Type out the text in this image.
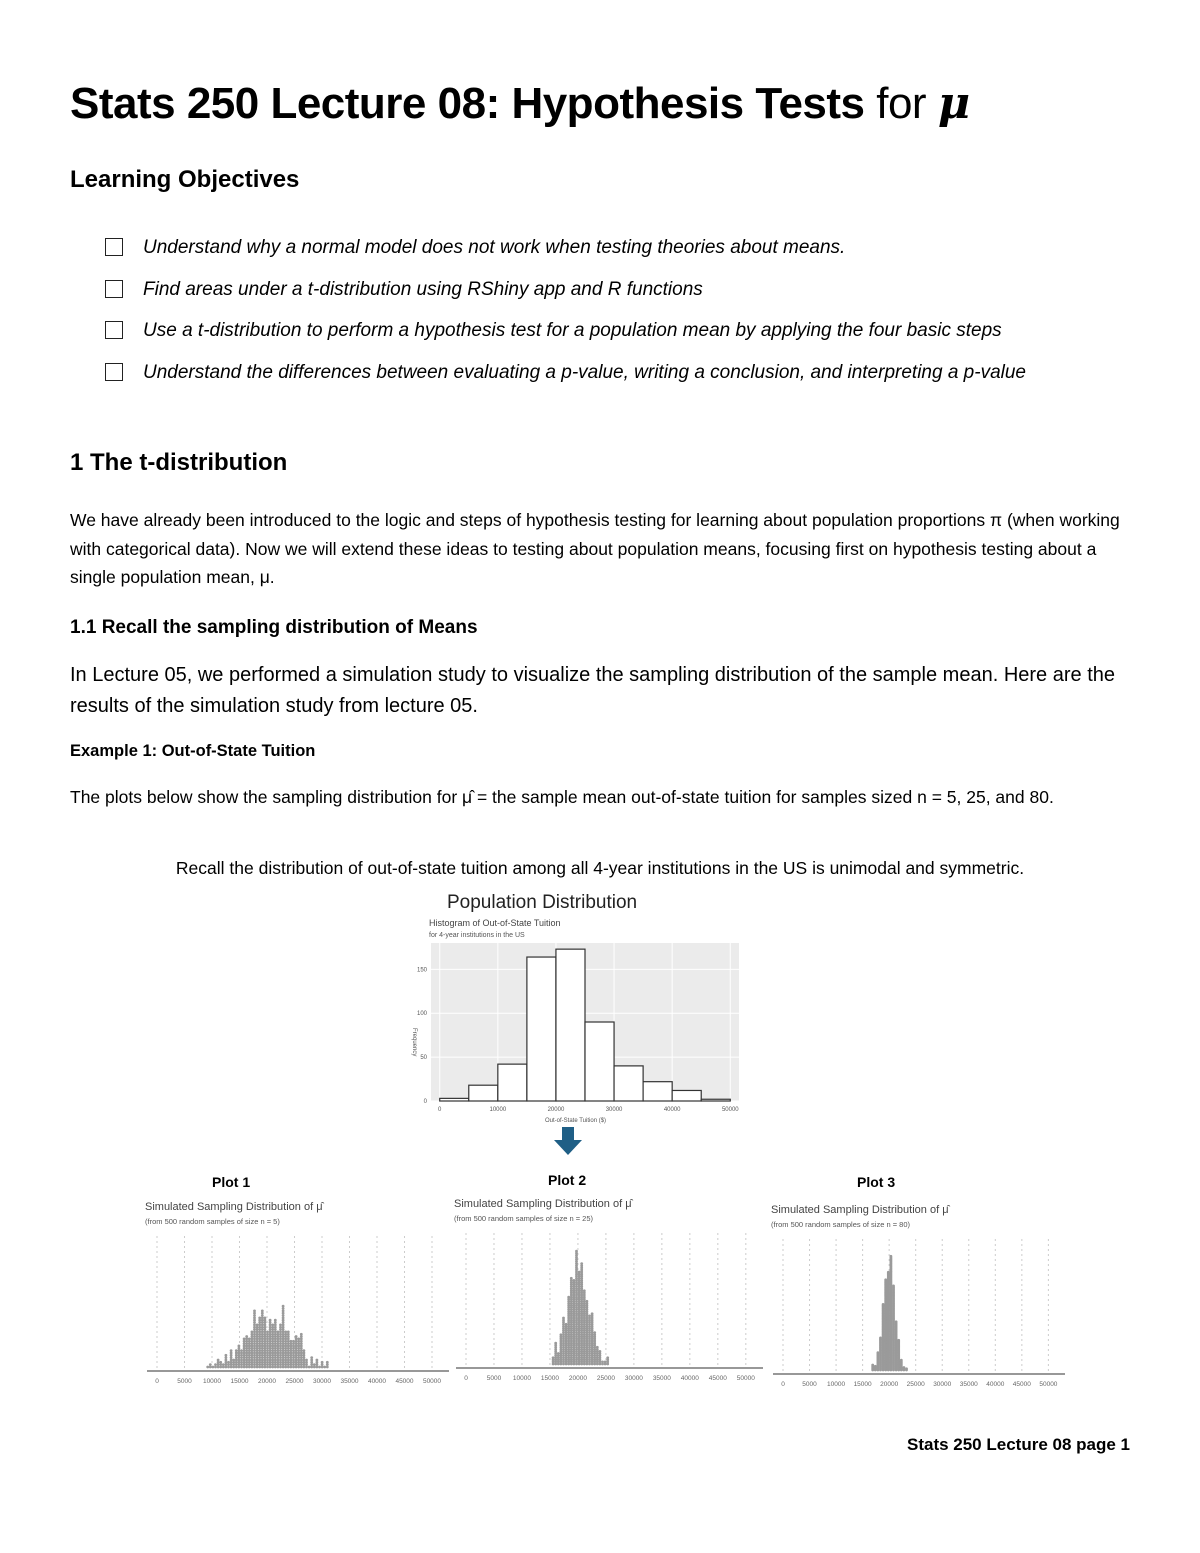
Stats 250 Lecture 08: Hypothesis Tests for μ
Learning Objectives
Understand why a normal model does not work when testing theories about means.
Find areas under a t-distribution using RShiny app and R functions
Use a t-distribution to perform a hypothesis test for a population mean by applying the four basic steps
Understand the differences between evaluating a p-value, writing a conclusion, and interpreting a p-value
1 The t-distribution
We have already been introduced to the logic and steps of hypothesis testing for learning about population proportions π (when working with categorical data). Now we will extend these ideas to testing about population means, focusing first on hypothesis testing about a single population mean, μ.
1.1 Recall the sampling distribution of Means
In Lecture 05, we performed a simulation study to visualize the sampling distribution of the sample mean. Here are the results of the simulation study from lecture 05.
Example 1: Out-of-State Tuition
The plots below show the sampling distribution for μ̂ = the sample mean out-of-state tuition for samples sized n = 5, 25, and 80.
Recall the distribution of out-of-state tuition among all 4-year institutions in the US is unimodal and symmetric.
Population Distribution
Histogram of Out-of-State Tuition
for 4-year institutions in the US
0
50
100
150
0	10000	20000	30000	40000	50000
Frequency
Out-of-State Tuition ($)
Plot 1	Plot 2	Plot 3
Simulated Sampling Distribution of μ̂
(from 500 random samples of size n = 5)
0	5000 10000 15000 20000 25000 30000 35000 40000 45000 50000
Simulated Sampling Distribution of μ̂
(from 500 random samples of size n = 25)
0	5000 10000 15000 20000 25000 30000 35000 40000 45000 50000
Simulated Sampling Distribution of μ̂
(from 500 random samples of size n = 80)
0	5000 10000 15000 20000 25000 30000 35000 40000 45000 50000
Stats 250 Lecture 08 page 1
